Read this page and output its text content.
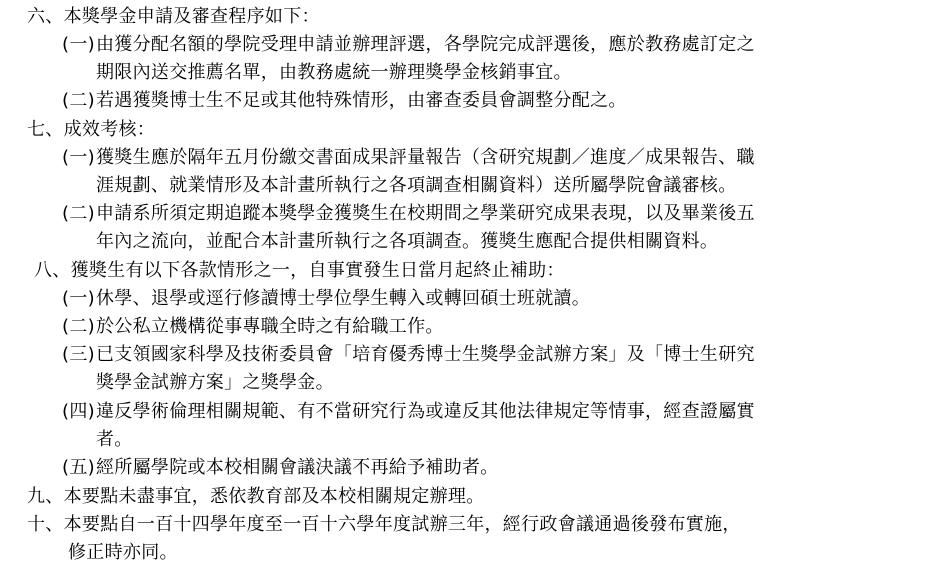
六、本獎學金申請及審查程序如下：
(一) 由獲分配名額的學院受理申請並辦理評選，各學院完成評選後，應於教務處訂定之
期限內送交推薦名單，由教務處統一辦理獎學金核銷事宜。
(二) 若遇獲獎博士生不足或其他特殊情形，由審查委員會調整分配之。
七、成效考核：
(一) 獲獎生應於隔年五月份繳交書面成果評量報告（含研究規劃／進度／成果報告、職
涯規劃、就業情形及本計畫所執行之各項調查相關資料）送所屬學院會議審核。
(二) 申請系所須定期追蹤本獎學金獲獎生在校期間之學業研究成果表現，以及畢業後五
年內之流向，並配合本計畫所執行之各項調查。獲獎生應配合提供相關資料。
八、獲獎生有以下各款情形之一，自事實發生日當月起終止補助：
(一) 休學、退學或逕行修讀博士學位學生轉入或轉回碩士班就讀。
(二) 於公私立機構從事專職全時之有給職工作。
(三) 已支領國家科學及技術委員會「培育優秀博士生獎學金試辦方案」及「博士生研究
獎學金試辦方案」之獎學金。
(四) 違反學術倫理相關規範、有不當研究行為或違反其他法律規定等情事，經查證屬實
者。
(五) 經所屬學院或本校相關會議決議不再給予補助者。
九、本要點未盡事宜，悉依教育部及本校相關規定辦理。
十、本要點自一百十四學年度至一百十六學年度試辦三年，經行政會議通過後發布實施，
修正時亦同。
